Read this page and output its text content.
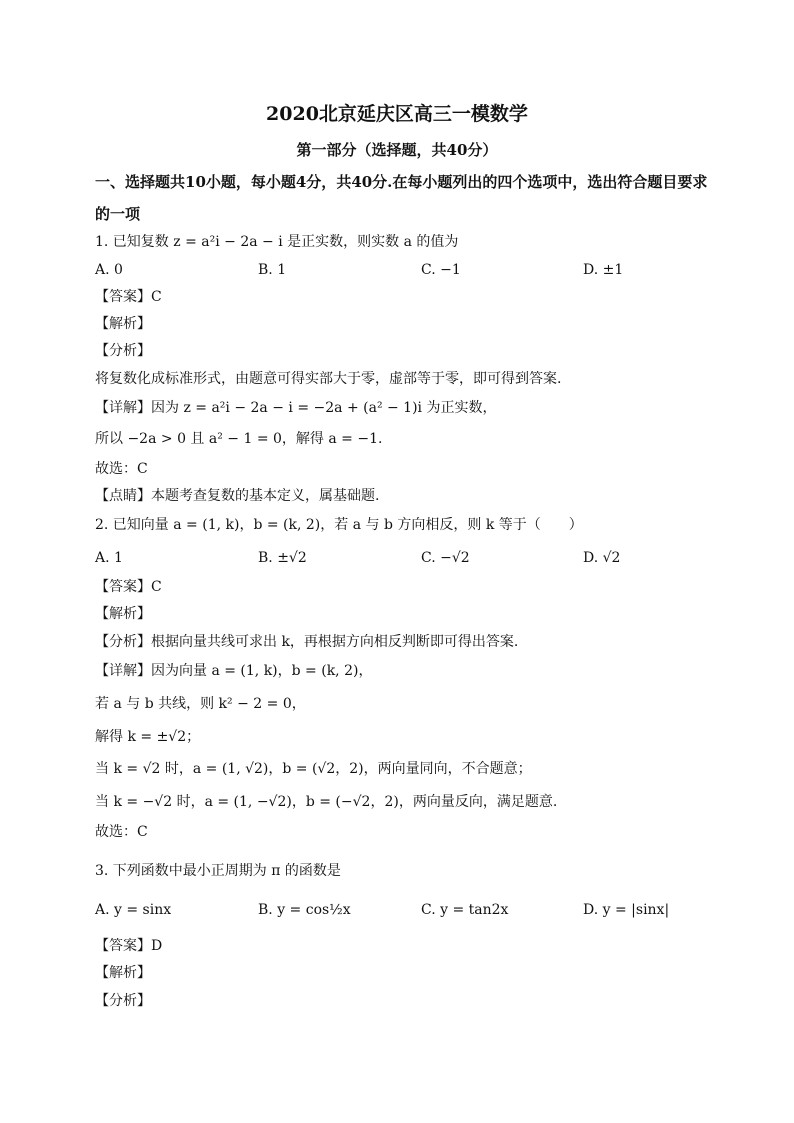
2020北京延庆区高三一模数学
第一部分（选择题，共40分）
一、选择题共10小题，每小题4分，共40分.在每小题列出的四个选项中，选出符合题目要求的一项
1. 已知复数 z = a²i − 2a − i 是正实数，则实数 a 的值为
A. 0	B. 1	C. −1	D. ±1
【答案】C
【解析】
【分析】
将复数化成标准形式，由题意可得实部大于零，虚部等于零，即可得到答案.
【详解】因为 z = a²i − 2a − i = −2a + (a² − 1)i 为正实数，
所以 −2a > 0 且 a² − 1 = 0，解得 a = −1.
故选：C
【点睛】本题考查复数的基本定义，属基础题.
2. 已知向量 a = (1, k)，b = (k, 2)，若 a 与 b 方向相反，则 k 等于（　　）
A. 1	B. ±√2	C. −√2	D. √2
【答案】C
【解析】
【分析】根据向量共线可求出 k，再根据方向相反判断即可得出答案.
【详解】因为向量 a = (1, k)，b = (k, 2)，
若 a 与 b 共线，则 k² − 2 = 0，
解得 k = ±√2；
当 k = √2 时，a = (1, √2)，b = (√2，2)，两向量同向，不合题意；
当 k = −√2 时，a = (1, −√2)，b = (−√2，2)，两向量反向，满足题意.
故选：C
3. 下列函数中最小正周期为 π 的函数是
A. y = sinx	B. y = cos½x	C. y = tan2x	D. y = |sinx|
【答案】D
【解析】
【分析】
